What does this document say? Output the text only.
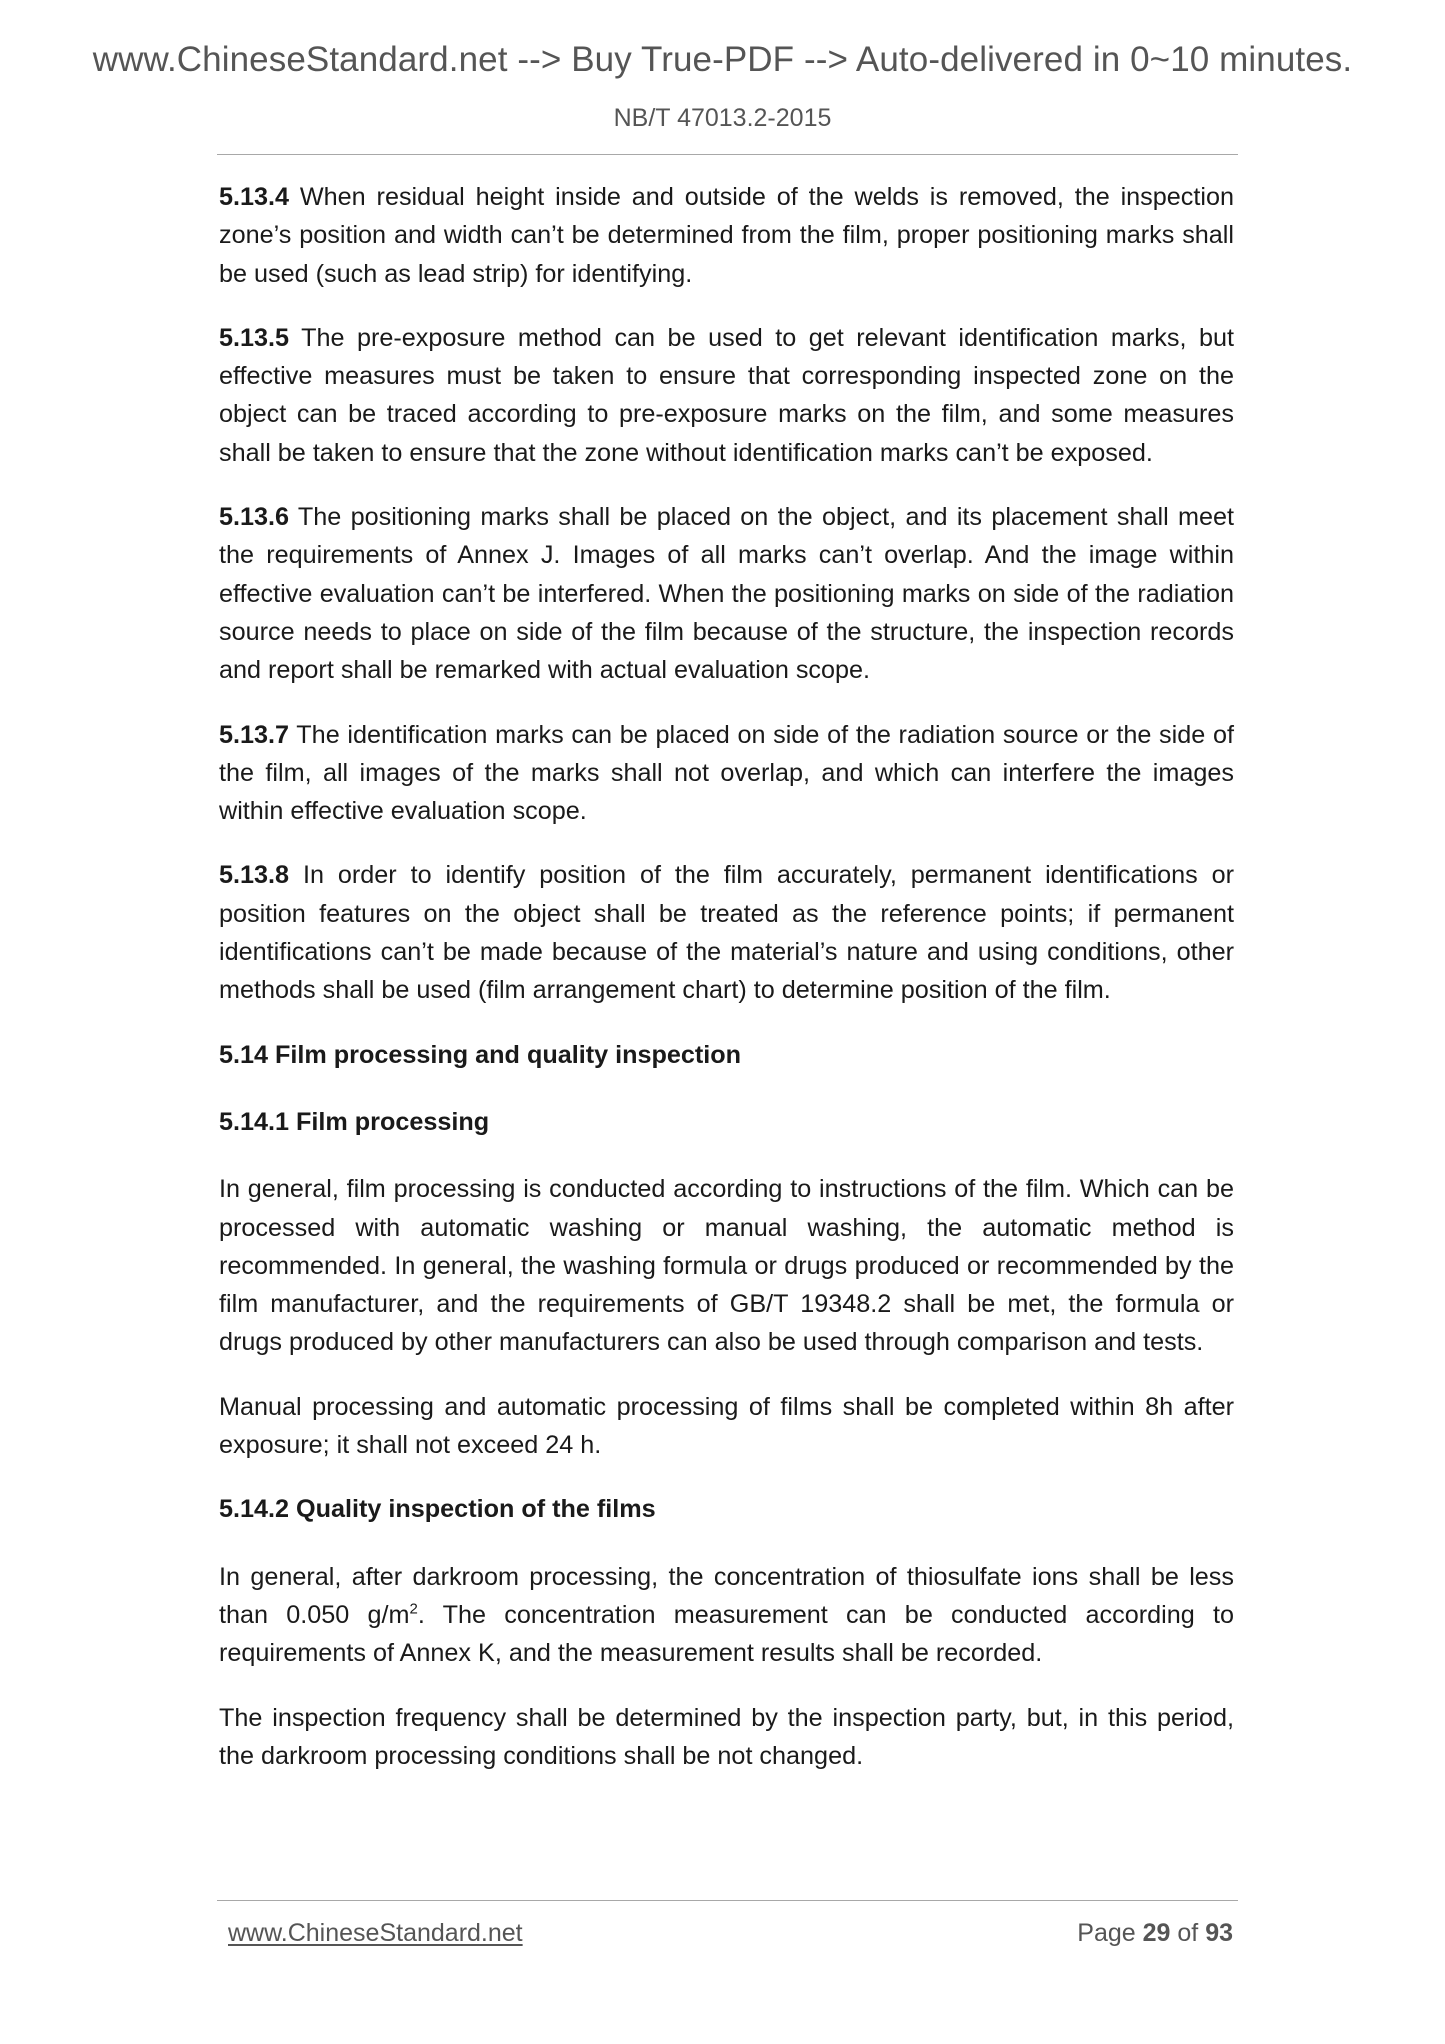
www.ChineseStandard.net --> Buy True-PDF --> Auto-delivered in 0~10 minutes.
NB/T 47013.2-2015

5.13.4 When residual height inside and outside of the welds is removed, the inspection zone’s position and width can’t be determined from the film, proper positioning marks shall be used (such as lead strip) for identifying.

5.13.5 The pre-exposure method can be used to get relevant identification marks, but effective measures must be taken to ensure that corresponding inspected zone on the object can be traced according to pre-exposure marks on the film, and some measures shall be taken to ensure that the zone without identification marks can’t be exposed.

5.13.6 The positioning marks shall be placed on the object, and its placement shall meet the requirements of Annex J. Images of all marks can’t overlap. And the image within effective evaluation can’t be interfered. When the positioning marks on side of the radiation source needs to place on side of the film because of the structure, the inspection records and report shall be remarked with actual evaluation scope.

5.13.7 The identification marks can be placed on side of the radiation source or the side of the film, all images of the marks shall not overlap, and which can interfere the images within effective evaluation scope.

5.13.8 In order to identify position of the film accurately, permanent identifications or position features on the object shall be treated as the reference points; if permanent identifications can’t be made because of the material’s nature and using conditions, other methods shall be used (film arrangement chart) to determine position of the film.

5.14 Film processing and quality inspection
5.14.1 Film processing

In general, film processing is conducted according to instructions of the film. Which can be processed with automatic washing or manual washing, the automatic method is recommended. In general, the washing formula or drugs produced or recommended by the film manufacturer, and the requirements of GB/T 19348.2 shall be met, the formula or drugs produced by other manufacturers can also be used through comparison and tests.

Manual processing and automatic processing of films shall be completed within 8h after exposure; it shall not exceed 24 h.

5.14.2 Quality inspection of the films

In general, after darkroom processing, the concentration of thiosulfate ions shall be less than 0.050 $g/m^2$. The concentration measurement can be conducted according to requirements of Annex K, and the measurement results shall be recorded.

The inspection frequency shall be determined by the inspection party, but, in this period, the darkroom processing conditions shall be not changed.

www.ChineseStandard.net	Page 29 of 93
